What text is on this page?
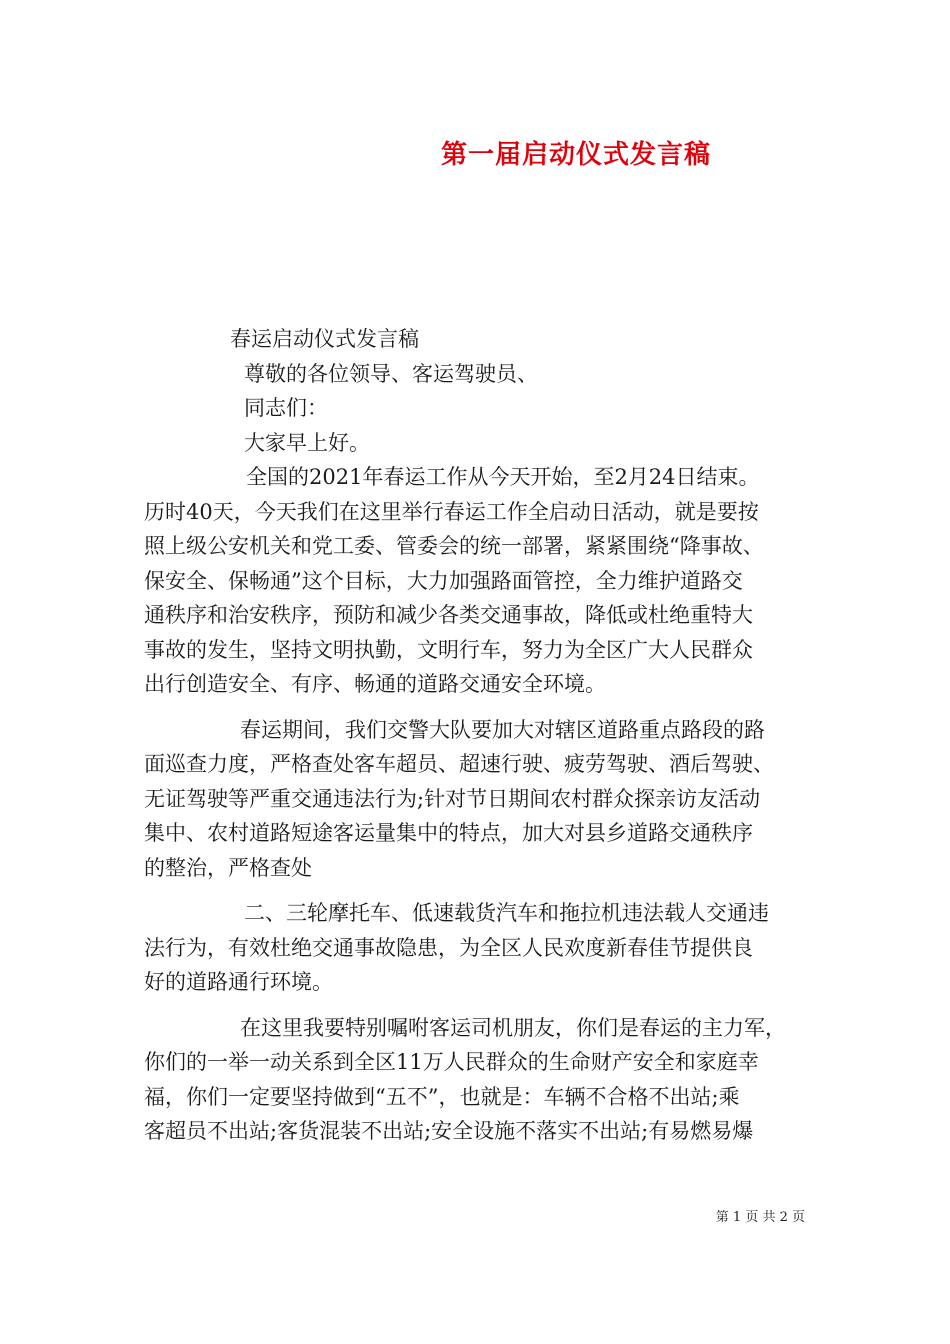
第一届启动仪式发言稿
春运启动仪式发言稿
尊敬的各位领导、客运驾驶员、
同志们：
大家早上好。
全国的2021年春运工作从今天开始，至2月24日结束。
历时40天，今天我们在这里举行春运工作全启动日活动，就是要按
照上级公安机关和党工委、管委会的统一部署，紧紧围绕“降事故、
保安全、保畅通”这个目标，大力加强路面管控，全力维护道路交
通秩序和治安秩序，预防和减少各类交通事故，降低或杜绝重特大
事故的发生，坚持文明执勤，文明行车，努力为全区广大人民群众
出行创造安全、有序、畅通的道路交通安全环境。
春运期间，我们交警大队要加大对辖区道路重点路段的路
面巡查力度，严格查处客车超员、超速行驶、疲劳驾驶、酒后驾驶、
无证驾驶等严重交通违法行为;针对节日期间农村群众探亲访友活动
集中、农村道路短途客运量集中的特点，加大对县乡道路交通秩序
的整治，严格查处
二、三轮摩托车、低速载货汽车和拖拉机违法载人交通违
法行为，有效杜绝交通事故隐患，为全区人民欢度新春佳节提供良
好的道路通行环境。
在这里我要特别嘱咐客运司机朋友，你们是春运的主力军，
你们的一举一动关系到全区11万人民群众的生命财产安全和家庭幸
福，你们一定要坚持做到“五不”，也就是：车辆不合格不出站;乘
客超员不出站;客货混装不出站;安全设施不落实不出站;有易燃易爆
第 1 页 共 2 页
